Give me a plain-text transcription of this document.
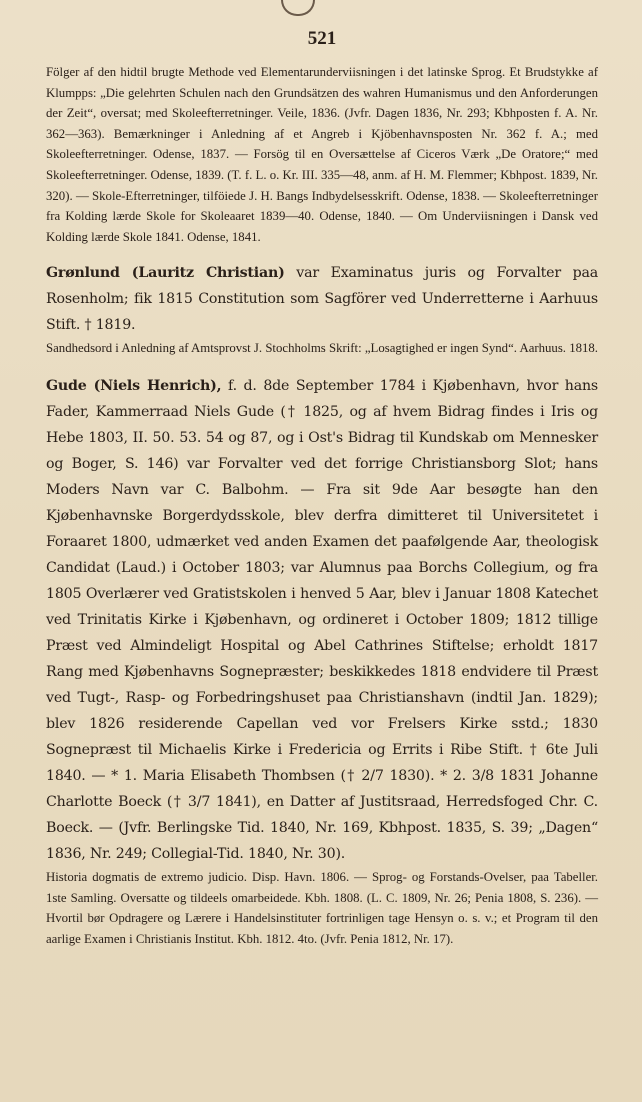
521

Fölger af den hidtil brugte Methode ved Elementarunderviisningen i det latinske Sprog. Et Brudstykke af Klumpps: „Die gelehrten Schulen nach den Grundsätzen des wahren Humanismus und den Anforderungen der Zeit“, oversat; med Skoleefterretninger. Veile, 1836. (Jvfr. Dagen 1836, Nr. 293; Kbhposten f. A. Nr. 362—363). Bemærkninger i Anledning af et Angreb i Kjöbenhavnsposten Nr. 362 f. A.; med Skoleefterretninger. Odense, 1837. — Forsög til en Oversættelse af Ciceros Værk „De Oratore;“ med Skoleefterretninger. Odense, 1839. (T. f. L. o. Kr. III. 335—48, anm. af H. M. Flemmer; Kbhpost. 1839, Nr. 320). — Skole-Efterretninger, tilföiede J. H. Bangs Indbydelsesskrift. Odense, 1838. — Skoleefterretninger fra Kolding lærde Skole for Skoleaaret 1839—40. Odense, 1840. — Om Underviisningen i Dansk ved Kolding lærde Skole 1841. Odense, 1841.

Grønlund (Lauritz Christian) var Examinatus juris og Forvalter paa Rosenholm; fik 1815 Constitution som Sagförer ved Underretterne i Aarhuus Stift. † 1819.

Sandhedsord i Anledning af Amtsprovst J. Stochholms Skrift: „Losagtighed er ingen Synd“. Aarhuus. 1818.

Gude (Niels Henrich), f. d. 8de September 1784 i Kjøbenhavn, hvor hans Fader, Kammerraad Niels Gude († 1825, og af hvem Bidrag findes i Iris og Hebe 1803, II. 50. 53. 54 og 87, og i Ost's Bidrag til Kundskab om Mennesker og Boger, S. 146) var Forvalter ved det forrige Christiansborg Slot; hans Moders Navn var C. Balbohm. — Fra sit 9de Aar besøgte han den Kjøbenhavnske Borgerdydsskole, blev derfra dimitteret til Universitetet i Foraaret 1800, udmærket ved anden Examen det paafølgende Aar, theologisk Candidat (Laud.) i October 1803; var Alumnus paa Borchs Collegium, og fra 1805 Overlærer ved Gratistskolen i henved 5 Aar, blev i Januar 1808 Katechet ved Trinitatis Kirke i Kjøbenhavn, og ordineret i October 1809; 1812 tillige Præst ved Almindeligt Hospital og Abel Cathrines Stiftelse; erholdt 1817 Rang med Kjøbenhavns Sognepræster; beskikkedes 1818 endvidere til Præst ved Tugt-, Rasp- og Forbedringshuset paa Christianshavn (indtil Jan. 1829); blev 1826 residerende Capellan ved vor Frelsers Kirke sstd.; 1830 Sognepræst til Michaelis Kirke i Fredericia og Errits i Ribe Stift. † 6te Juli 1840. — * 1. Maria Elisabeth Thombsen († 2/7 1830). * 2. 3/8 1831 Johanne Charlotte Boeck († 3/7 1841), en Datter af Justitsraad, Herredsfoged Chr. C. Boeck. — (Jvfr. Berlingske Tid. 1840, Nr. 169, Kbhpost. 1835, S. 39; „Dagen“ 1836, Nr. 249; Collegial-Tid. 1840, Nr. 30).

Historia dogmatis de extremo judicio. Disp. Havn. 1806. — Sprog- og Forstands-Ovelser, paa Tabeller. 1ste Samling. Oversatte og tildeels omarbeidede. Kbh. 1808. (L. C. 1809, Nr. 26; Penia 1808, S. 236). — Hvortil bør Opdragere og Lærere i Handelsinstituter fortrinligen tage Hensyn o. s. v.; et Program til den aarlige Examen i Christianis Institut. Kbh. 1812. 4to. (Jvfr. Penia 1812, Nr. 17).
